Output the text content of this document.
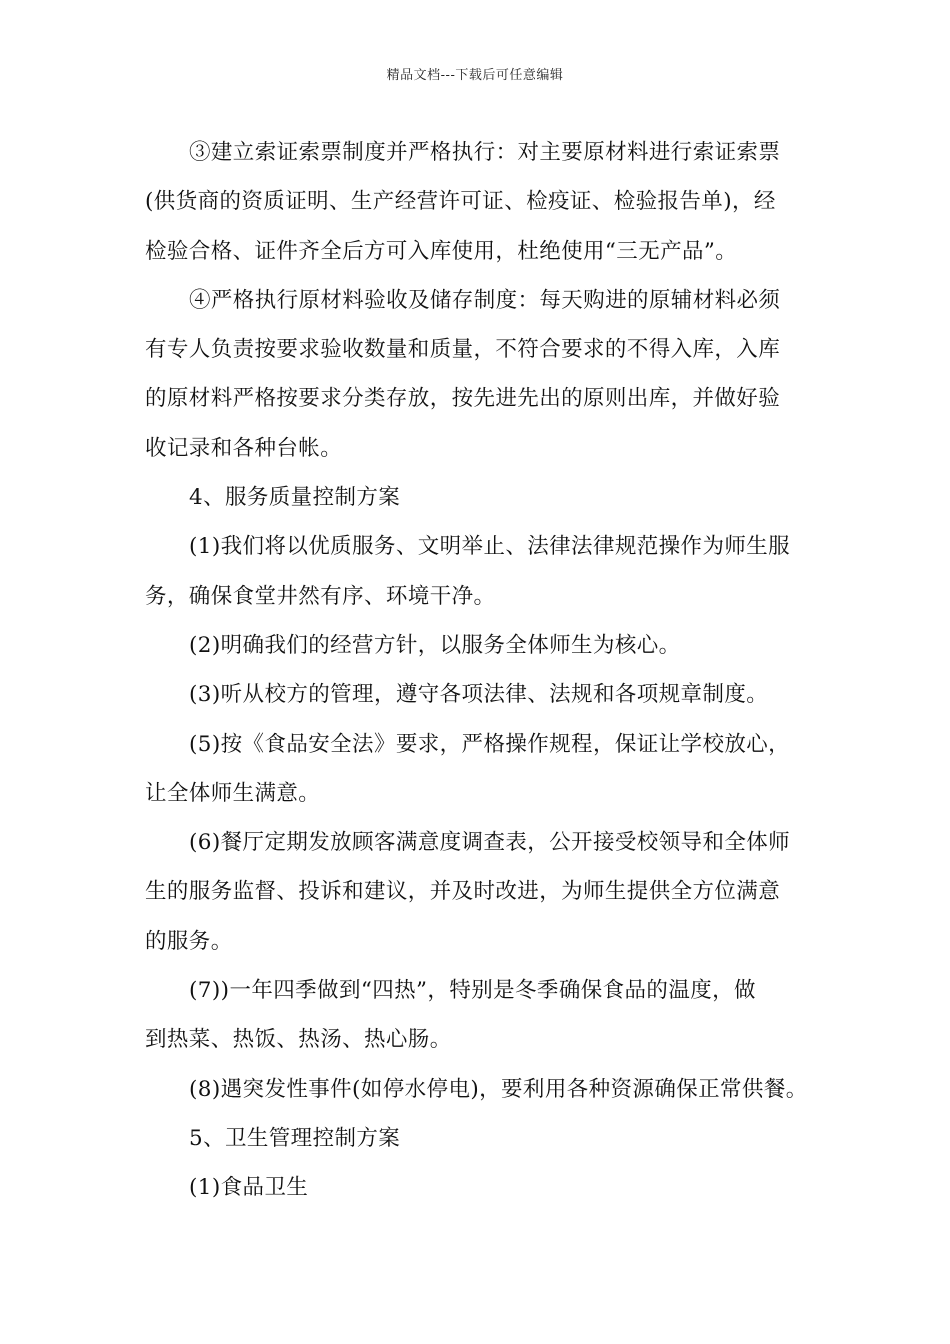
精品文档---下载后可任意编辑
③建立索证索票制度并严格执行：对主要原材料进行索证索票
(供货商的资质证明、生产经营许可证、检疫证、检验报告单)，经
检验合格、证件齐全后方可入库使用，杜绝使用“三无产品”。
④严格执行原材料验收及储存制度：每天购进的原辅材料必须
有专人负责按要求验收数量和质量，不符合要求的不得入库，入库
的原材料严格按要求分类存放，按先进先出的原则出库，并做好验
收记录和各种台帐。
4、服务质量控制方案
(1)我们将以优质服务、文明举止、法律法律规范操作为师生服
务，确保食堂井然有序、环境干净。
(2)明确我们的经营方针，以服务全体师生为核心。
(3)听从校方的管理，遵守各项法律、法规和各项规章制度。
(5)按《食品安全法》要求，严格操作规程，保证让学校放心，
让全体师生满意。
(6)餐厅定期发放顾客满意度调查表，公开接受校领导和全体师
生的服务监督、投诉和建议，并及时改进，为师生提供全方位满意
的服务。
(7))一年四季做到“四热”，特别是冬季确保食品的温度，做
到热菜、热饭、热汤、热心肠。
(8)遇突发性事件(如停水停电)，要利用各种资源确保正常供餐。
5、卫生管理控制方案
(1)食品卫生
